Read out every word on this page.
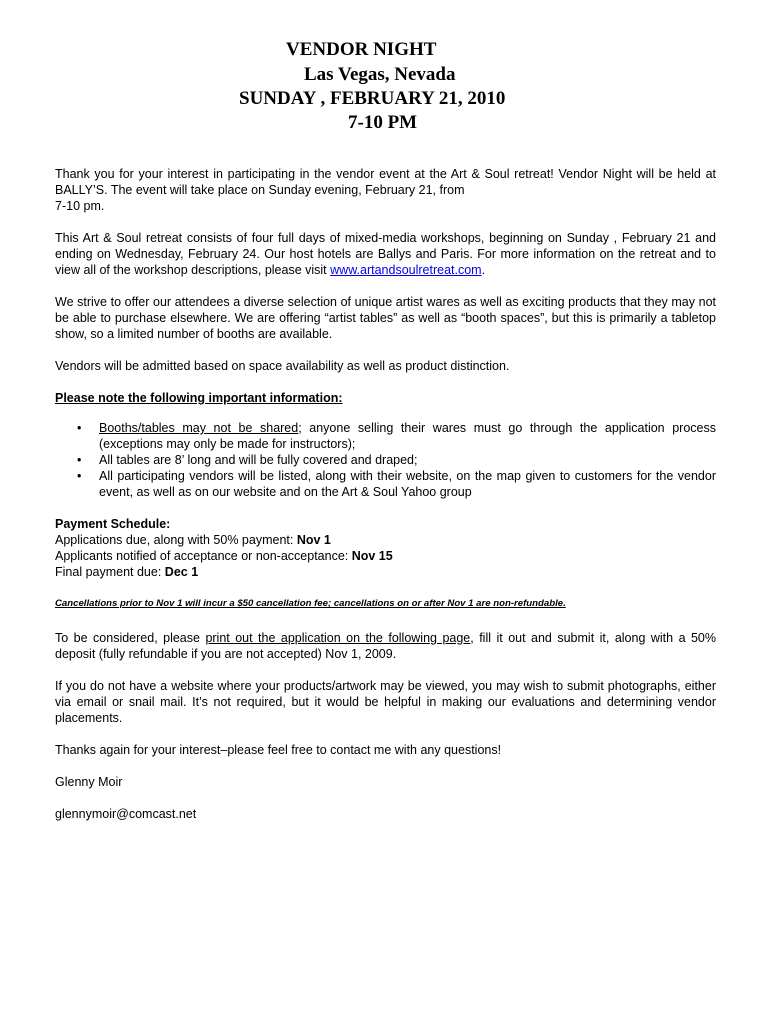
VENDOR NIGHT
Las Vegas, Nevada
SUNDAY , FEBRUARY 21, 2010
7-10 PM

Thank you for your interest in participating in the vendor event at the Art & Soul retreat! Vendor Night will be held at BALLY’S. The event will take place on Sunday evening, February 21, from
7-10 pm.

This Art & Soul retreat consists of four full days of mixed-media workshops, beginning on Sunday , February 21 and ending on Wednesday, February 24. Our host hotels are Ballys and Paris. For more information on the retreat and to view all of the workshop descriptions, please visit www.artandsoulretreat.com.

We strive to offer our attendees a diverse selection of unique artist wares as well as exciting products that they may not be able to purchase elsewhere. We are offering “artist tables” as well as “booth spaces”, but this is primarily a tabletop show, so a limited number of booths are available.

Vendors will be admitted based on space availability as well as product distinction.

Please note the following important information:

• Booths/tables may not be shared; anyone selling their wares must go through the application process (exceptions may only be made for instructors);
• All tables are 8’ long and will be fully covered and draped;
• All participating vendors will be listed, along with their website, on the map given to customers for the vendor event, as well as on our website and on the Art & Soul Yahoo group
Payment Schedule:
Applications due, along with 50% payment: Nov 1
Applicants notified of acceptance or non-acceptance: Nov 15
Final payment due: Dec 1
Cancellations prior to Nov 1 will incur a $50 cancellation fee; cancellations on or after Nov 1 are non-refundable.

To be considered, please print out the application on the following page, fill it out and submit it, along with a 50% deposit (fully refundable if you are not accepted) Nov 1, 2009.

If you do not have a website where your products/artwork may be viewed, you may wish to submit photographs, either via email or snail mail. It’s not required, but it would be helpful in making our evaluations and determining vendor placements.

Thanks again for your interest–please feel free to contact me with any questions!

Glenny Moir

glennymoir@comcast.net
